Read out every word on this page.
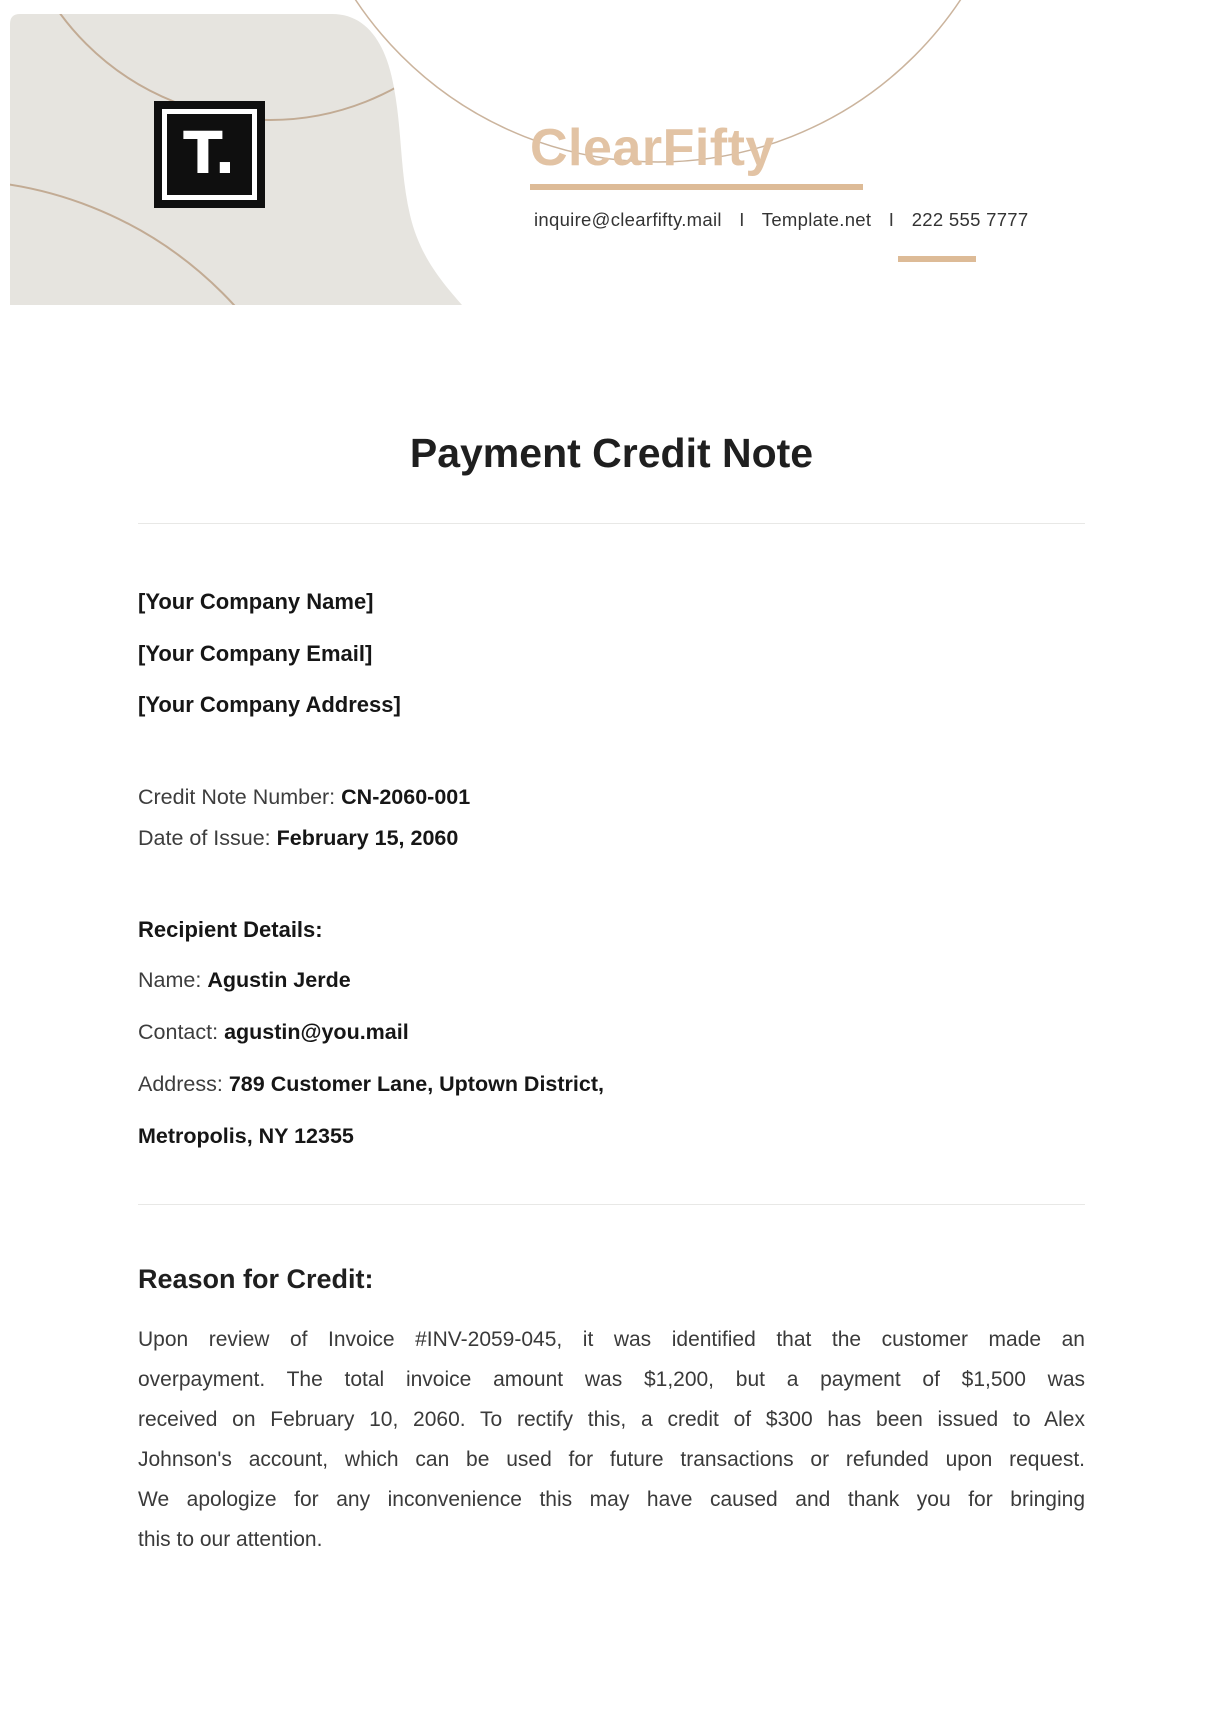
T.	ClearFifty
inquire@clearfifty.mail I Template.net I 222 555 7777
Payment Credit Note
[Your Company Name]
[Your Company Email]
[Your Company Address]
Credit Note Number: CN-2060-001
Date of Issue: February 15, 2060
Recipient Details:
Name: Agustin Jerde
Contact: agustin@you.mail
Address: 789 Customer Lane, Uptown District,
Metropolis, NY 12355
Reason for Credit:
Upon review of Invoice #INV-2059-045, it was identified that the customer made an
overpayment. The total invoice amount was $1,200, but a payment of $1,500 was
received on February 10, 2060. To rectify this, a credit of $300 has been issued to Alex
Johnson's account, which can be used for future transactions or refunded upon request.
We apologize for any inconvenience this may have caused and thank you for bringing
this to our attention.
